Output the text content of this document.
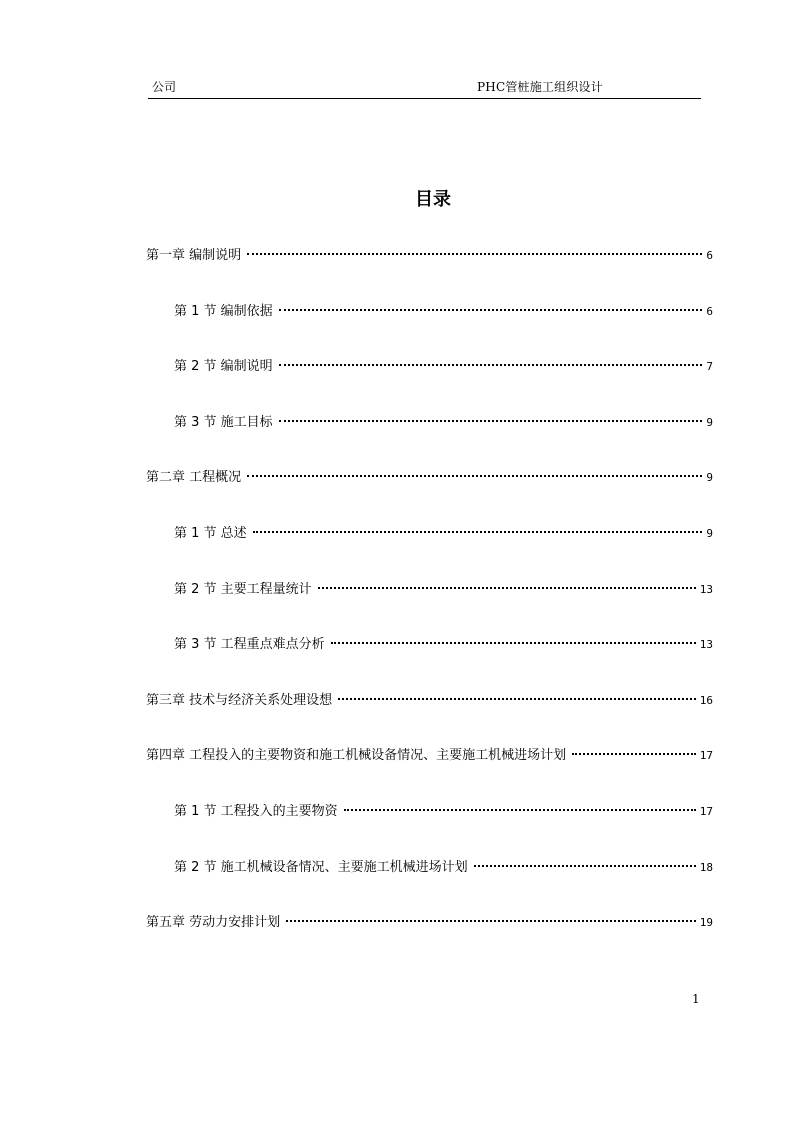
公司	PHC管桩施工组织设计
目录
第一章 编制说明	6
第 1 节 编制依据	6
第 2 节 编制说明	7
第 3 节 施工目标	9
第二章 工程概况	9
第 1 节 总述	9
第 2 节 主要工程量统计	13
第 3 节 工程重点难点分析	13
第三章 技术与经济关系处理设想	16
第四章 工程投入的主要物资和施工机械设备情况、主要施工机械进场计划	17
第 1 节 工程投入的主要物资	17
第 2 节 施工机械设备情况、主要施工机械进场计划	18
第五章 劳动力安排计划	19
1
